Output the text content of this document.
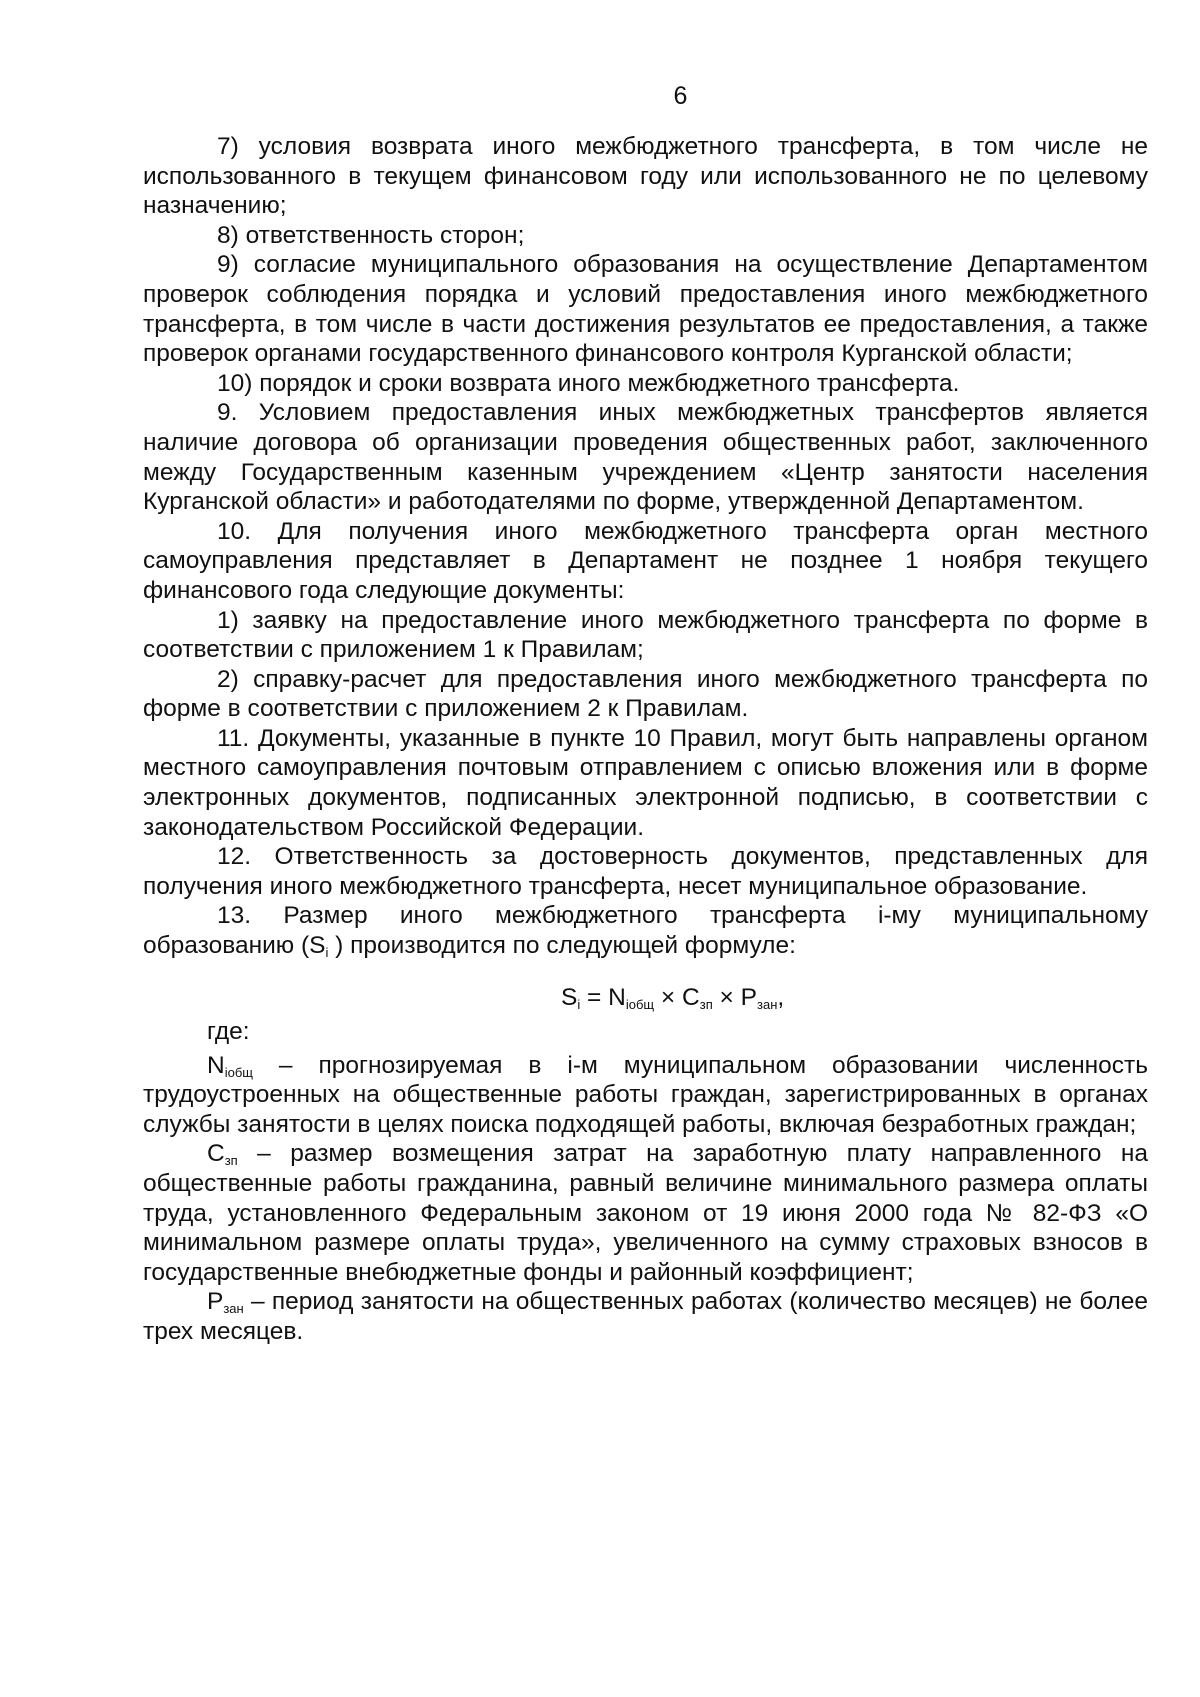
6

7) условия возврата иного межбюджетного трансферта, в том числе не использованного в текущем финансовом году или использованного не по целевому назначению;

8) ответственность сторон;

9) согласие муниципального образования на осуществление Департаментом проверок соблюдения порядка и условий предоставления иного межбюджетного трансферта, в том числе в части достижения результатов ее предоставления, а также проверок органами государственного финансового контроля Курганской области;

10) порядок и сроки возврата иного межбюджетного трансферта.

9. Условием предоставления иных межбюджетных трансфертов является наличие договора об организации проведения общественных работ, заключенного между Государственным казенным учреждением «Центр занятости населения Курганской области» и работодателями по форме, утвержденной Департаментом.

10. Для получения иного межбюджетного трансферта орган местного самоуправления представляет в Департамент не позднее 1 ноября текущего финансового года следующие документы:

1) заявку на предоставление иного межбюджетного трансферта по форме в соответствии с приложением 1 к Правилам;

2) справку-расчет для предоставления иного межбюджетного трансферта по форме в соответствии с приложением 2 к Правилам.

11. Документы, указанные в пункте 10 Правил, могут быть направлены органом местного самоуправления почтовым отправлением с описью вложения или в форме электронных документов, подписанных электронной подписью, в соответствии с законодательством Российской Федерации.

12. Ответственность за достоверность документов, представленных для получения иного межбюджетного трансферта, несет муниципальное образование.

13. Размер иного межбюджетного трансферта i-му муниципальному образованию (Si ) производится по следующей формуле:

$S_i = N_{iобщ} \times C_{зп} \times P_{зан}$,
где:

$N_{iобщ}$ – прогнозируемая в i-м муниципальном образовании численность трудоустроенных на общественные работы граждан, зарегистрированных в органах службы занятости в целях поиска подходящей работы, включая безработных граждан;

$C_{зп}$ – размер возмещения затрат на заработную плату направленного на общественные работы гражданина, равный величине минимального размера оплаты труда, установленного Федеральным законом от 19 июня 2000 года № 82-ФЗ «О минимальном размере оплаты труда», увеличенного на сумму страховых взносов в государственные внебюджетные фонды и районный коэффициент;

$P_{зан}$ – период занятости на общественных работах (количество месяцев) не более трех месяцев.
